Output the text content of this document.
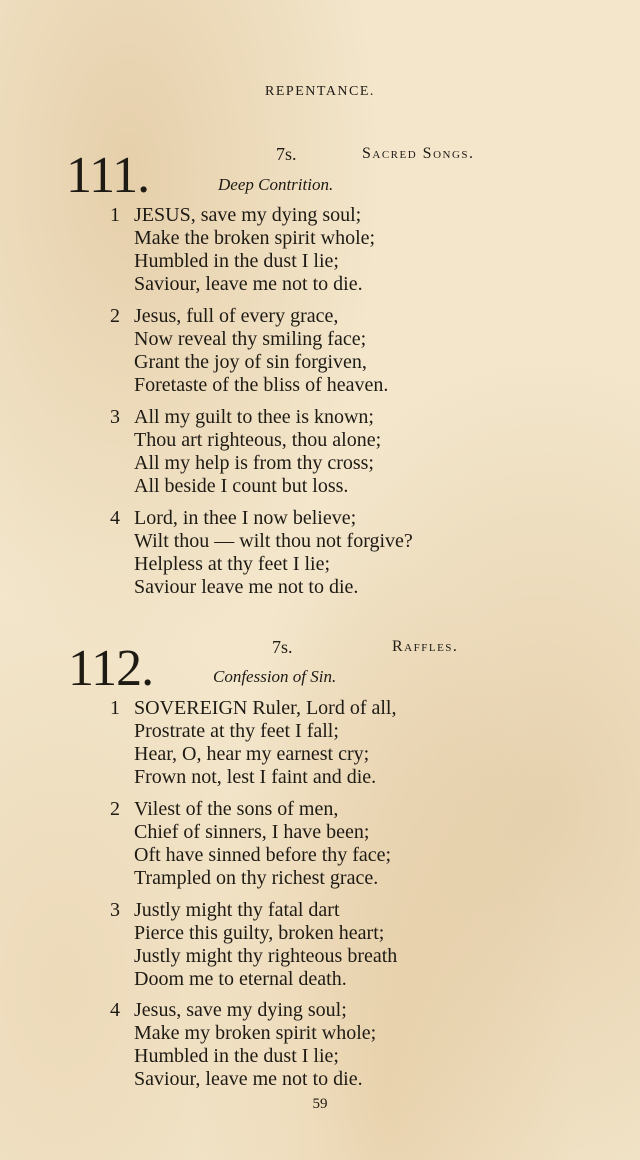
REPENTANCE.
111.	7s.	Sacred Songs.
Deep Contrition.
1 JESUS, save my dying soul;
Make the broken spirit whole;
Humbled in the dust I lie;
Saviour, leave me not to die.
2 Jesus, full of every grace,
Now reveal thy smiling face;
Grant the joy of sin forgiven,
Foretaste of the bliss of heaven.
3 All my guilt to thee is known;
Thou art righteous, thou alone;
All my help is from thy cross;
All beside I count but loss.
4 Lord, in thee I now believe;
Wilt thou — wilt thou not forgive?
Helpless at thy feet I lie;
Saviour leave me not to die.
112.	7s.	Raffles.
Confession of Sin.
1 SOVEREIGN Ruler, Lord of all,
Prostrate at thy feet I fall;
Hear, O, hear my earnest cry;
Frown not, lest I faint and die.
2 Vilest of the sons of men,
Chief of sinners, I have been;
Oft have sinned before thy face;
Trampled on thy richest grace.
3 Justly might thy fatal dart
Pierce this guilty, broken heart;
Justly might thy righteous breath
Doom me to eternal death.
4 Jesus, save my dying soul;
Make my broken spirit whole;
Humbled in the dust I lie;
Saviour, leave me not to die.
59
